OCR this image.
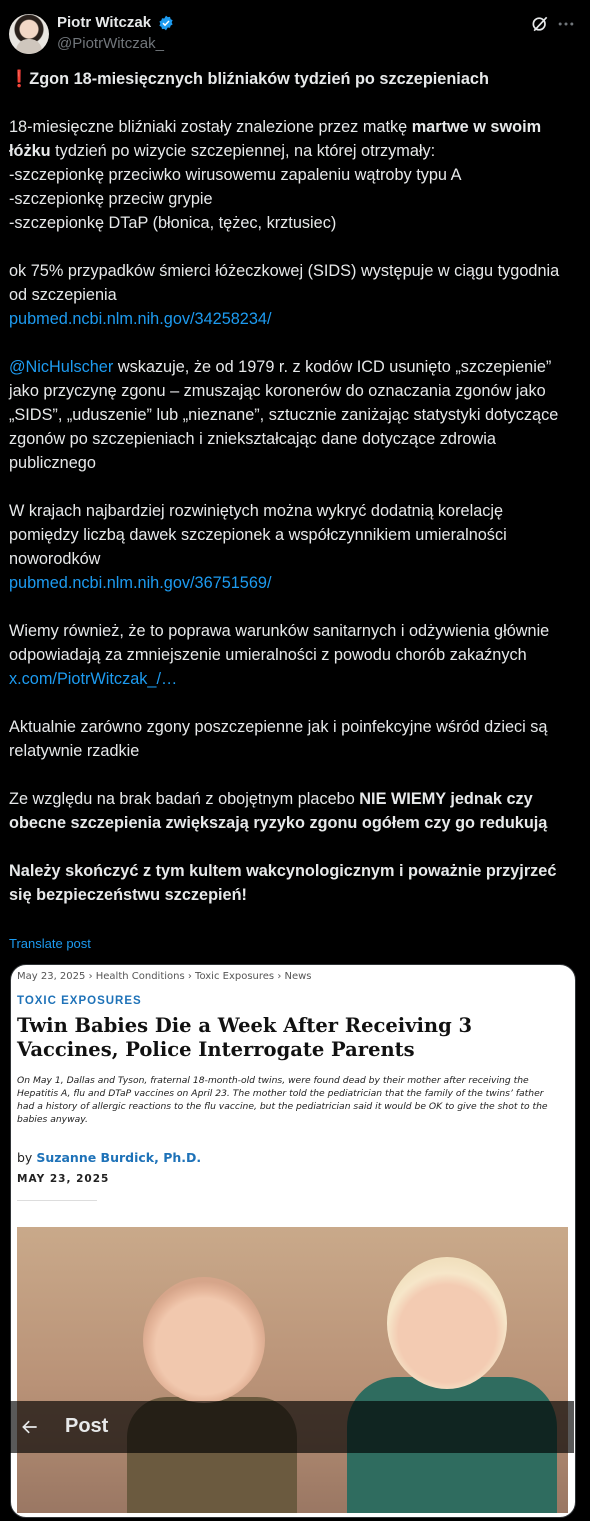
Piotr Witczak
@PiotrWitczak_

❗Zgon 18-miesięcznych bliźniaków tydzień po szczepieniach

18-miesięczne bliźniaki zostały znalezione przez matkę martwe w swoim łóżku tydzień po wizycie szczepiennej, na której otrzymały:
-szczepionkę przeciwko wirusowemu zapaleniu wątroby typu A
-szczepionkę przeciw grypie
-szczepionkę DTaP (błonica, tężec, krztusiec)

ok 75% przypadków śmierci łóżeczkowej (SIDS) występuje w ciągu tygodnia od szczepienia
pubmed.ncbi.nlm.nih.gov/34258234/

@NicHulscher wskazuje, że od 1979 r. z kodów ICD usunięto „szczepienie” jako przyczynę zgonu – zmuszając koronerów do oznaczania zgonów jako „SIDS”, „uduszenie” lub „nieznane”, sztucznie zaniżając statystyki dotyczące zgonów po szczepieniach i zniekształcając dane dotyczące zdrowia publicznego

W krajach najbardziej rozwiniętych można wykryć dodatnią korelację pomiędzy liczbą dawek szczepionek a współczynnikiem umieralności noworodków
pubmed.ncbi.nlm.nih.gov/36751569/

Wiemy również, że to poprawa warunków sanitarnych i odżywienia głównie odpowiadają za zmniejszenie umieralności z powodu chorób zakaźnych
x.com/PiotrWitczak_/…

Aktualnie zarówno zgony poszczepienne jak i poinfekcyjne wśród dzieci są relatywnie rzadkie

Ze względu na brak badań z obojętnym placebo NIE WIEMY jednak czy obecne szczepienia zwiększają ryzyko zgonu ogółem czy go redukują

Należy skończyć z tym kultem wakcynologicznym i poważnie przyjrzeć się bezpieczeństwu szczepień!

Translate post
May 23, 2025 › Health Conditions › Toxic Exposures › News
TOXIC EXPOSURES
Twin Babies Die a Week After Receiving 3 Vaccines, Police Interrogate Parents
On May 1, Dallas and Tyson, fraternal 18-month-old twins, were found dead by their mother after receiving the Hepatitis A, flu and DTaP vaccines on April 23. The mother told the pediatrician that the family of the twins’ father had a history of allergic reactions to the flu vaccine, but the pediatrician said it would be OK to give the shot to the babies anyway.
by Suzanne Burdick, Ph.D.
MAY 23, 2025
Post
